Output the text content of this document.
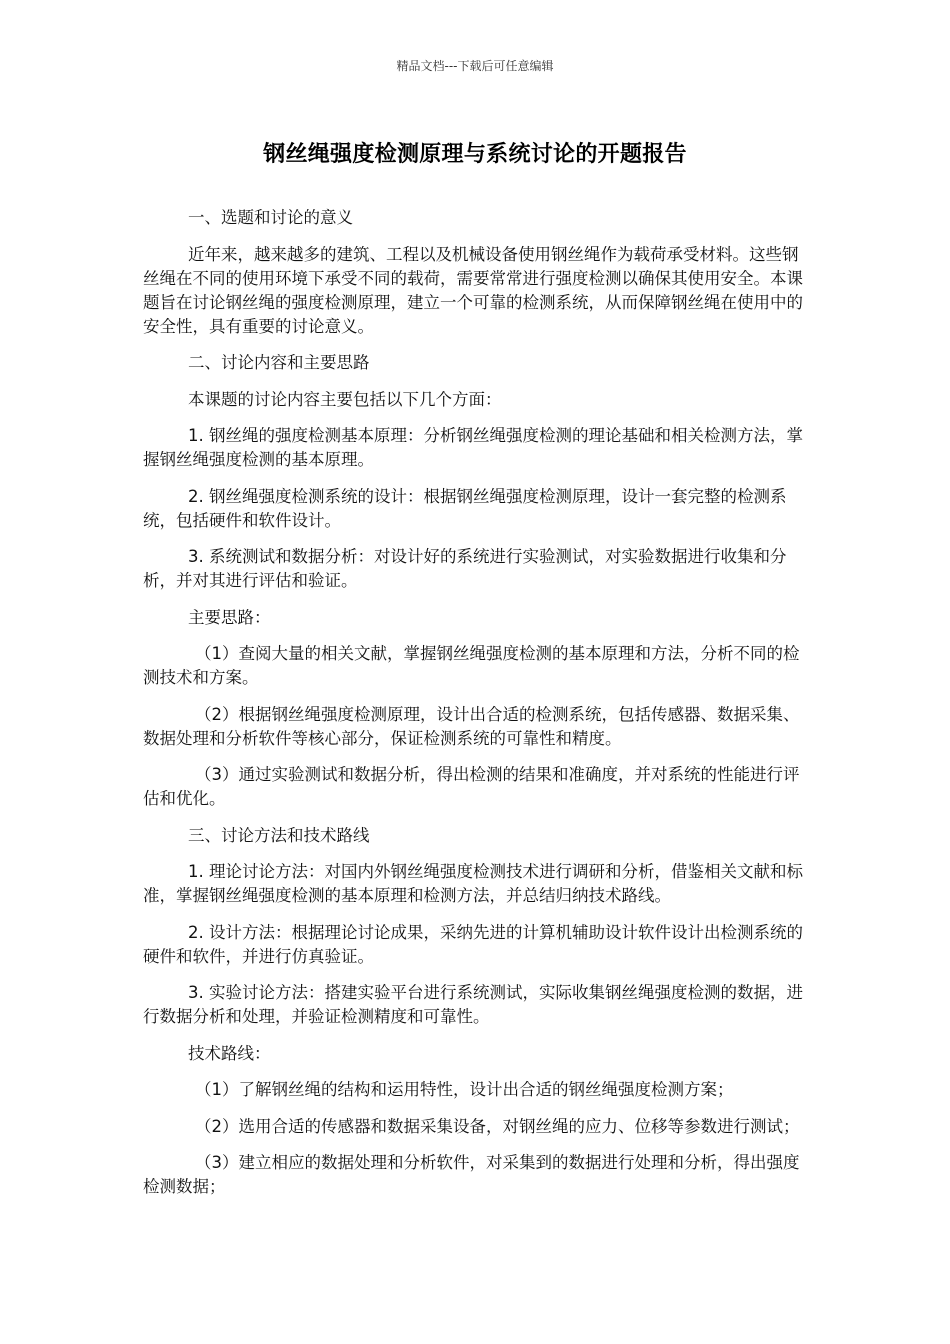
精品文档---下载后可任意编辑
钢丝绳强度检测原理与系统讨论的开题报告

一、选题和讨论的意义

近年来，越来越多的建筑、工程以及机械设备使用钢丝绳作为载荷承受材料。这些钢丝绳在不同的使用环境下承受不同的载荷，需要常常进行强度检测以确保其使用安全。本课题旨在讨论钢丝绳的强度检测原理，建立一个可靠的检测系统，从而保障钢丝绳在使用中的安全性，具有重要的讨论意义。

二、讨论内容和主要思路

本课题的讨论内容主要包括以下几个方面：

1. 钢丝绳的强度检测基本原理：分析钢丝绳强度检测的理论基础和相关检测方法，掌握钢丝绳强度检测的基本原理。

2. 钢丝绳强度检测系统的设计：根据钢丝绳强度检测原理，设计一套完整的检测系统，包括硬件和软件设计。

3. 系统测试和数据分析：对设计好的系统进行实验测试，对实验数据进行收集和分析，并对其进行评估和验证。

主要思路：

（1）查阅大量的相关文献，掌握钢丝绳强度检测的基本原理和方法，分析不同的检测技术和方案。

（2）根据钢丝绳强度检测原理，设计出合适的检测系统，包括传感器、数据采集、数据处理和分析软件等核心部分，保证检测系统的可靠性和精度。

（3）通过实验测试和数据分析，得出检测的结果和准确度，并对系统的性能进行评估和优化。

三、讨论方法和技术路线

1. 理论讨论方法：对国内外钢丝绳强度检测技术进行调研和分析，借鉴相关文献和标准，掌握钢丝绳强度检测的基本原理和检测方法，并总结归纳技术路线。

2. 设计方法：根据理论讨论成果，采纳先进的计算机辅助设计软件设计出检测系统的硬件和软件，并进行仿真验证。

3. 实验讨论方法：搭建实验平台进行系统测试，实际收集钢丝绳强度检测的数据，进行数据分析和处理，并验证检测精度和可靠性。

技术路线：

（1）了解钢丝绳的结构和运用特性，设计出合适的钢丝绳强度检测方案；

（2）选用合适的传感器和数据采集设备，对钢丝绳的应力、位移等参数进行测试；

（3）建立相应的数据处理和分析软件，对采集到的数据进行处理和分析，得出强度检测数据；
